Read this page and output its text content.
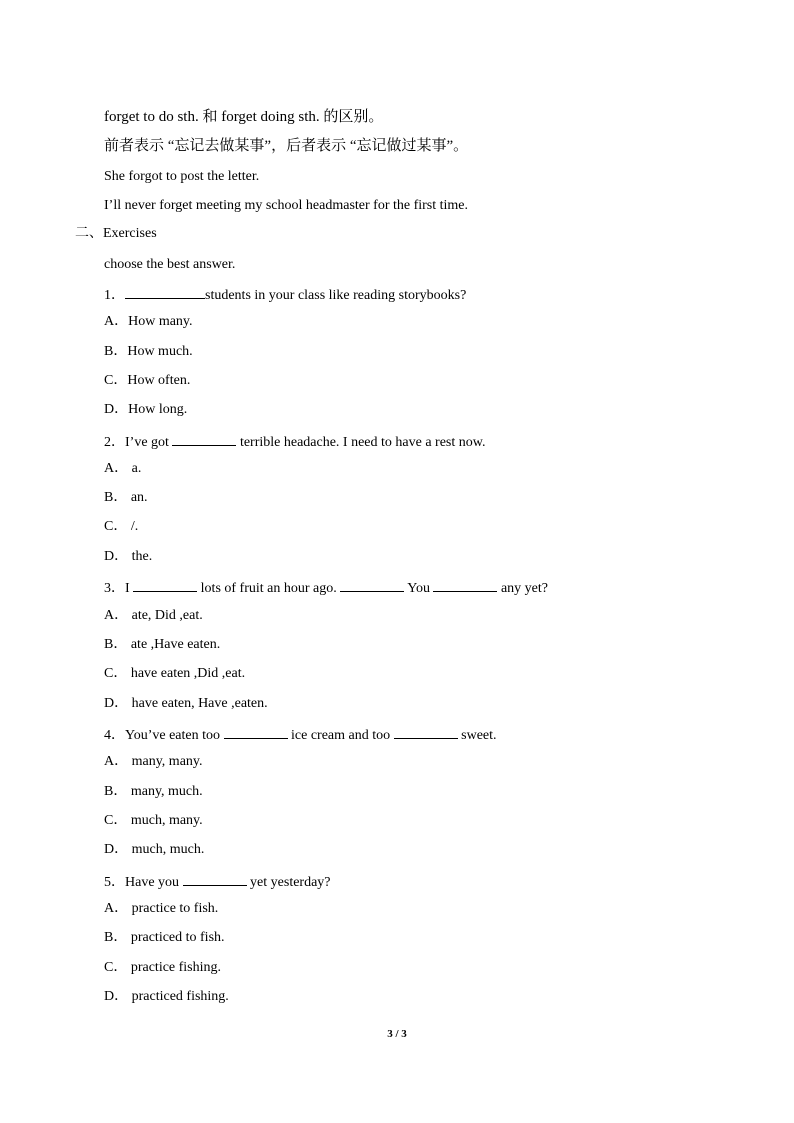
forget to do sth. 和 forget doing sth. 的区别。
前者表示 “忘记去做某事”，后者表示 “忘记做过某事”。
She forgot to post the letter.
I’ll never forget meeting my school headmaster for the first time.
二、Exercises
choose the best answer.
1．	students in your class like reading storybooks?
A．How many.
B．How much.
C．How often.
D．How long.
2．I’ve got	terrible headache. I need to have a rest now.
A． a.
B． an.
C． /.
D． the.
3．I	lots of fruit an hour ago.	You	any yet?
A． ate, Did ,eat.
B． ate ,Have eaten.
C． have eaten ,Did ,eat.
D． have eaten, Have ,eaten.
4．You’ve eaten too	ice cream and too	sweet.
A． many, many.
B． many, much.
C． much, many.
D． much, much.
5．Have you	yet yesterday?
A． practice to fish.
B． practiced to fish.
C． practice fishing.
D． practiced fishing.
3 / 3
